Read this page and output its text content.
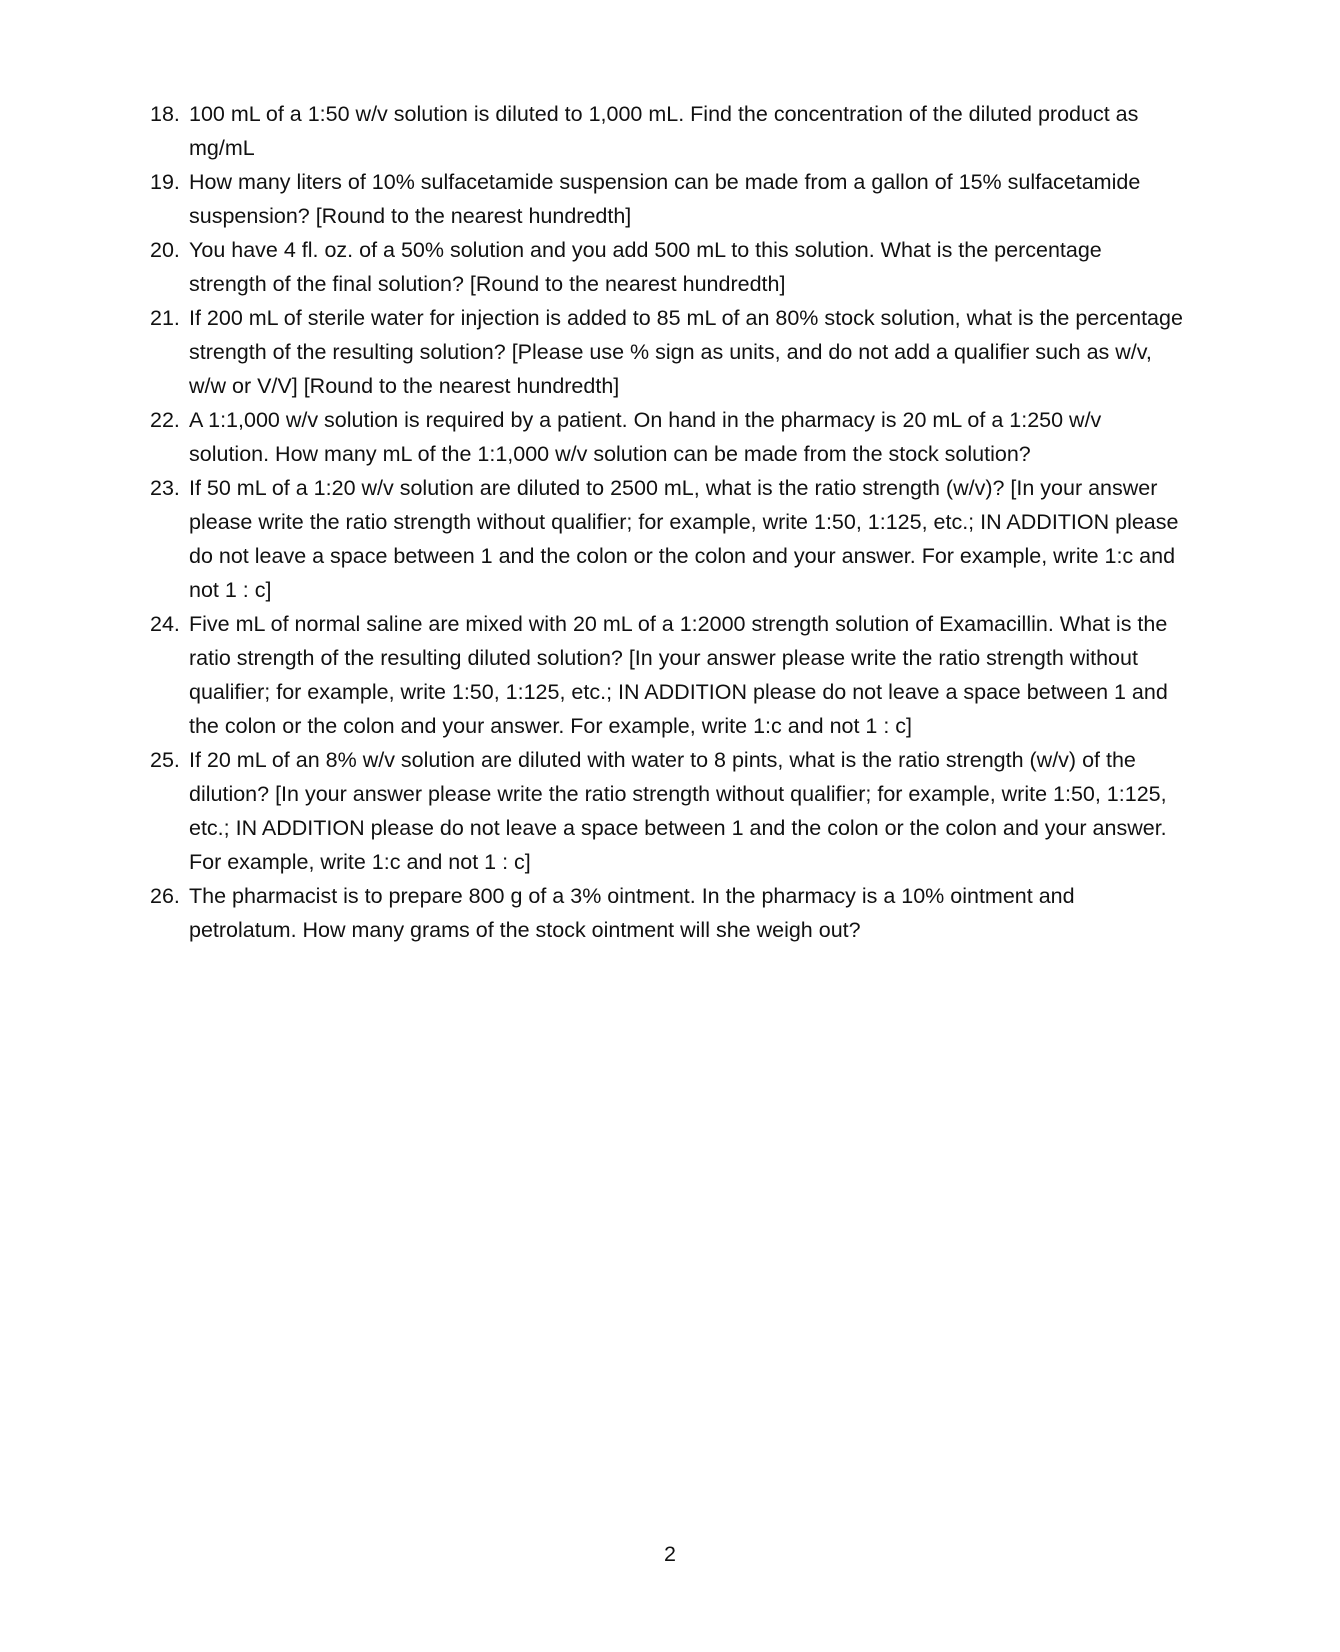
18. 100 mL of a 1:50 w/v solution is diluted to 1,000 mL. Find the concentration of the diluted product as mg/mL
19. How many liters of 10% sulfacetamide suspension can be made from a gallon of 15% sulfacetamide suspension? [Round to the nearest hundredth]
20. You have 4 fl. oz. of a 50% solution and you add 500 mL to this solution. What is the percentage strength of the final solution? [Round to the nearest hundredth]
21. If 200 mL of sterile water for injection is added to 85 mL of an 80% stock solution, what is the percentage strength of the resulting solution? [Please use % sign as units, and do not add a qualifier such as w/v, w/w or V/V] [Round to the nearest hundredth]
22. A 1:1,000 w/v solution is required by a patient. On hand in the pharmacy is 20 mL of a 1:250 w/v solution. How many mL of the 1:1,000 w/v solution can be made from the stock solution?
23. If 50 mL of a 1:20 w/v solution are diluted to 2500 mL, what is the ratio strength (w/v)? [In your answer please write the ratio strength without qualifier; for example, write 1:50, 1:125, etc.; IN ADDITION please do not leave a space between 1 and the colon or the colon and your answer. For example, write 1:c and not 1 : c]
24. Five mL of normal saline are mixed with 20 mL of a 1:2000 strength solution of Examacillin. What is the ratio strength of the resulting diluted solution? [In your answer please write the ratio strength without qualifier; for example, write 1:50, 1:125, etc.; IN ADDITION please do not leave a space between 1 and the colon or the colon and your answer. For example, write 1:c and not 1 : c]
25. If 20 mL of an 8% w/v solution are diluted with water to 8 pints, what is the ratio strength (w/v) of the dilution? [In your answer please write the ratio strength without qualifier; for example, write 1:50, 1:125, etc.; IN ADDITION please do not leave a space between 1 and the colon or the colon and your answer. For example, write 1:c and not 1 : c]
26. The pharmacist is to prepare 800 g of a 3% ointment. In the pharmacy is a 10% ointment and petrolatum. How many grams of the stock ointment will she weigh out?
2
